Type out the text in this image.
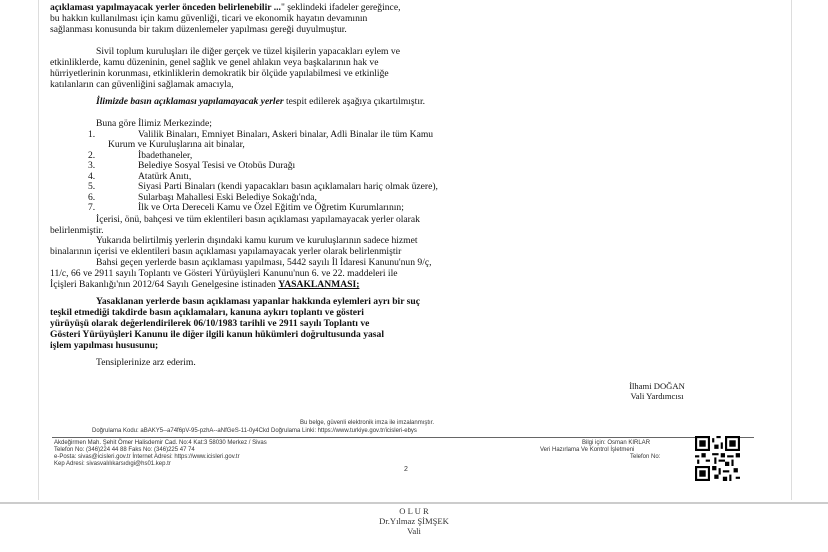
açıklaması yapılmayacak yerler önceden belirlenebilir ..." şeklindeki ifadeler gereğince,
bu hakkın kullanılması için kamu güvenliği, ticari ve ekonomik hayatın devamının
sağlanması konusunda bir takım düzenlemeler yapılması gereği duyulmuştur.
Sivil toplum kuruluşları ile diğer gerçek ve tüzel kişilerin yapacakları eylem ve
etkinliklerde, kamu düzeninin, genel sağlık ve genel ahlakın veya başkalarının hak ve
hürriyetlerinin korunması, etkinliklerin demokratik bir ölçüde yapılabilmesi ve etkinliğe
katılanların can güvenliğini sağlamak amacıyla,
İlimizde basın açıklaması yapılamayacak yerler tespit edilerek aşağıya çıkartılmıştır.
Buna göre İlimiz Merkezinde;
1.	Valilik Binaları, Emniyet Binaları, Askeri binalar, Adli Binalar ile tüm Kamu
Kurum ve Kuruluşlarına ait binalar,
2.	İbadethaneler,
3.	Belediye Sosyal Tesisi ve Otobüs Durağı
4.	Atatürk Anıtı,
5.	Siyasi Parti Binaları (kendi yapacakları basın açıklamaları hariç olmak üzere),
6.	Sularbaşı Mahallesi Eski Belediye Sokağı'nda,
7.	İlk ve Orta Dereceli Kamu ve Özel Eğitim ve Öğretim Kurumlarının;
İçerisi, önü, bahçesi ve tüm eklentileri basın açıklaması yapılamayacak yerler olarak
belirlenmiştir.
Yukarıda belirtilmiş yerlerin dışındaki kamu kurum ve kuruluşlarının sadece hizmet
binalarının içerisi ve eklentileri basın açıklaması yapılamayacak yerler olarak belirlenmiştir
Bahsi geçen yerlerde basın açıklaması yapılması, 5442 sayılı İl İdaresi Kanunu'nun 9/ç,
11/c, 66 ve 2911 sayılı Toplantı ve Gösteri Yürüyüşleri Kanunu'nun 6. ve 22. maddeleri ile
İçişleri Bakanlığı'nın 2012/64 Sayılı Genelgesine istinaden YASAKLANMASI;
Yasaklanan yerlerde basın açıklaması yapanlar hakkında eylemleri ayrı bir suç
teşkil etmediği takdirde basın açıklamaları, kanuna aykırı toplantı ve gösteri
yürüyüşü olarak değerlendirilerek 06/10/1983 tarihli ve 2911 sayılı Toplantı ve
Gösteri Yürüyüşleri Kanunu ile diğer ilgili kanun hükümleri doğrultusunda yasal
işlem yapılması hususunu;
Tensiplerinize arz ederim.
İlhami DOĞAN
Vali Yardımcısı
Bu belge, güvenli elektronik imza ile imzalanmıştır.
Doğrulama Kodu: aBAKY5--a74f6pV-95-pzhA--aNfGeS-11-0y4Ckd Doğrulama Linki: https://www.turkiye.gov.tr/icisleri-ebys
Akdeğirmen Mah. Şehit Ömer Halisdemir Cad. No:4 Kat:3 58030 Merkez / Sivas
Telefon No: (346)224 44 88 Faks No: (346)225 47 74
e-Posta: sivas@icisleri.gov.tr İnternet Adresi: https://www.icisleri.gov.tr
Kep Adresi: sivasvalılıkarsıdıgi@hs01.kep.tr
Bilgi için: Osman KIRLAR
Veri Hazırlama Ve Kontrol İşletmeni
Telefon No:
2
O L U R
Dr.Yılmaz ŞİMŞEK
Vali
